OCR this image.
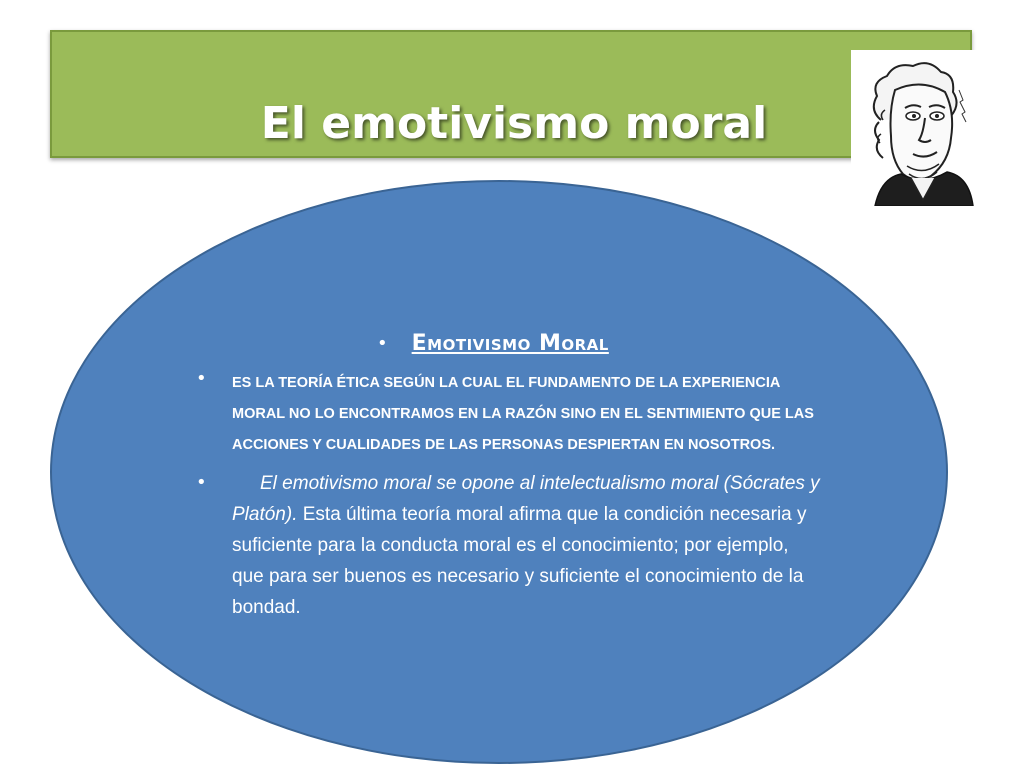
El emotivismo moral
• Emotivismo Moral
• ES LA TEORÍA ÉTICA SEGÚN LA CUAL EL FUNDAMENTO DE LA EXPERIENCIA MORAL NO LO ENCONTRAMOS EN LA RAZÓN SINO EN EL SENTIMIENTO QUE LAS ACCIONES Y CUALIDADES DE LAS PERSONAS DESPIERTAN EN NOSOTROS.
•	El emotivismo moral se opone al intelectualismo moral (Sócrates y Platón). Esta última teoría moral afirma que la condición necesaria y suficiente para la conducta moral es el conocimiento; por ejemplo, que para ser buenos es necesario y suficiente el conocimiento de la bondad.
